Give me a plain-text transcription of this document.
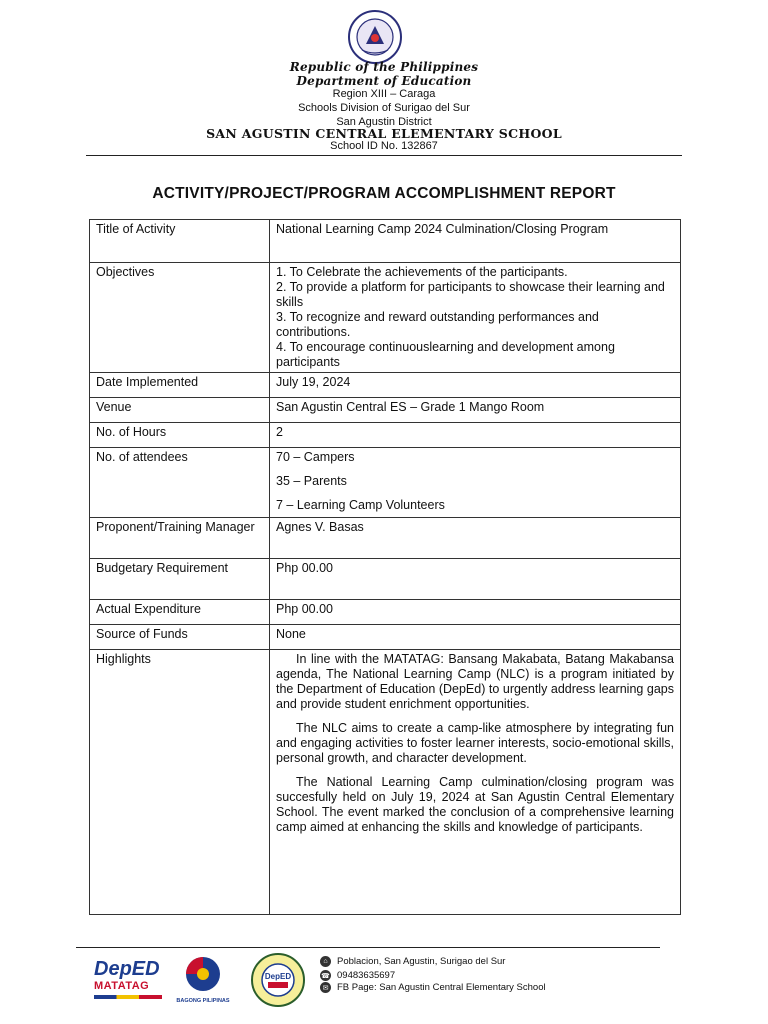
Republic of the Philippines
Department of Education
Region XIII – Caraga
Schools Division of Surigao del Sur
San Agustin District
SAN AGUSTIN CENTRAL ELEMENTARY SCHOOL
School ID No. 132867
ACTIVITY/PROJECT/PROGRAM ACCOMPLISHMENT REPORT
Title of Activity	National Learning Camp 2024 Culmination/Closing Program
Objectives	1. To Celebrate the achievements of the participants.
2. To provide a platform for participants to showcase their learning and skills
3. To recognize and reward outstanding performances and contributions.
4. To encourage continuouslearning and development among participants

Date Implemented	July 19, 2024
Venue	San Agustin Central ES – Grade 1 Mango Room
No. of Hours	2
No. of attendees	70 – Campers
35 – Parents
7 – Learning Camp Volunteers

Proponent/Training Manager	Agnes V. Basas
Budgetary Requirement	Php 00.00
Actual Expenditure	Php 00.00
Source of Funds	None
Highlights	In line with the MATATAG: Bansang Makabata, Batang Makabansa agenda, The National Learning Camp (NLC) is a program initiated by the Department of Education (DepEd) to urgently address learning gaps and provide student enrichment opportunities.

The NLC aims to create a camp-like atmosphere by integrating fun and engaging activities to foster learner interests, socio-emotional skills, personal growth, and character development.

The National Learning Camp culmination/closing program was succesfully held on July 19, 2024 at San Agustin Central Elementary School. The event marked the conclusion of a comprehensive learning camp aimed at enhancing the skills and knowledge of participants.

DepED
MATATAG
BAGONG PILIPINAS
DepED
⌂ Poblacion, San Agustin, Surigao del Sur
☎ 09483635697
✉ FB Page: San Agustin Central Elementary School
